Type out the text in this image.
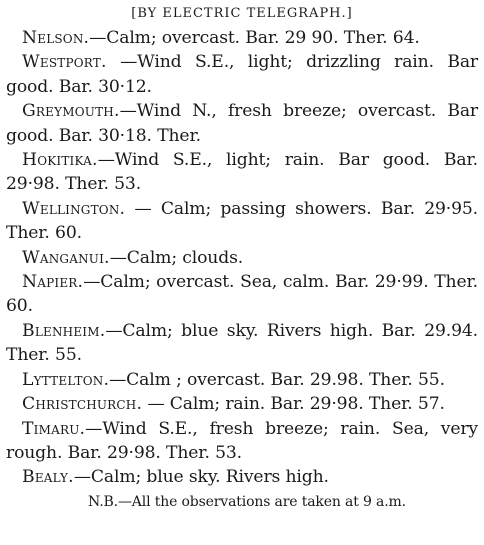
[BY ELECTRIC TELEGRAPH.]

Nelson.—Calm; overcast. Bar. 29 90. Ther. 64.

Westport. —Wind S.E., light; drizzling rain. Bar good. Bar. 30·12.

Greymouth.—Wind N., fresh breeze; overcast. Bar good. Bar. 30·18. Ther.

Hokitika.—Wind S.E., light; rain. Bar good. Bar. 29·98. Ther. 53.

Wellington. — Calm; passing showers. Bar. 29·95. Ther. 60.

Wanganui.—Calm; clouds.

Napier.—Calm; overcast. Sea, calm. Bar. 29·99. Ther. 60.

Blenheim.—Calm; blue sky. Rivers high. Bar. 29.94. Ther. 55.

Lyttelton.—Calm ; overcast. Bar. 29.98. Ther. 55.

Christchurch. — Calm; rain. Bar. 29·98. Ther. 57.

Timaru.—Wind S.E., fresh breeze; rain. Sea, very rough. Bar. 29·98. Ther. 53.

Bealy.—Calm; blue sky. Rivers high.

N.B.—All the observations are taken at 9 a.m.
